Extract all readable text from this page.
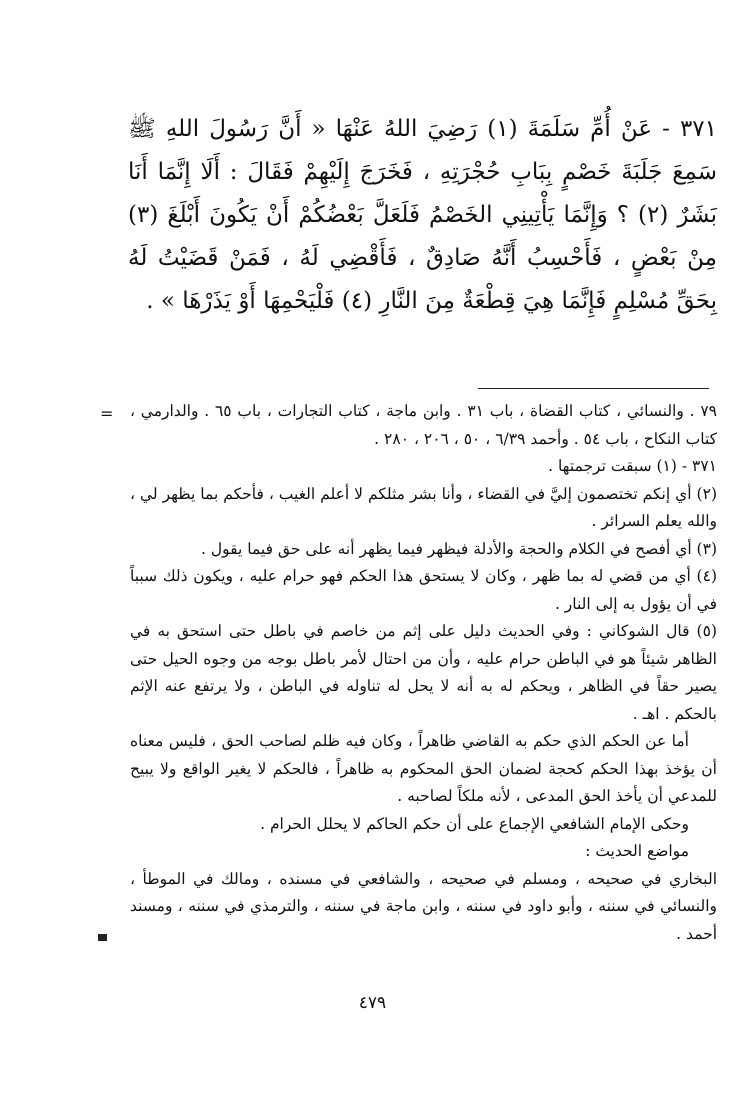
٣٧١ - عَنْ أُمِّ سَلَمَةَ (١) رَضِيَ اللهُ عَنْهَا « أَنَّ رَسُولَ اللهِ ﷺ سَمِعَ جَلَبَةَ خَصْمٍ بِبَابِ حُجْرَتِهِ ، فَخَرَجَ إِلَيْهِمْ فَقَالَ : أَلَا إِنَّمَا أَنَا بَشَرٌ (٢) ؟ وَإِنَّمَا يَأْتِينِي الخَصْمُ فَلَعَلَّ بَعْضُكُمْ أَنْ يَكُونَ أَبْلَغَ (٣) مِنْ بَعْضٍ ، فَأَحْسِبُ أَنَّهُ صَادِقٌ ، فَأَقْضِي لَهُ ، فَمَنْ قَضَيْتُ لَهُ بِحَقِّ مُسْلِمٍ فَإِنَّمَا هِيَ قِطْعَةٌ مِنَ النَّارِ (٤) فَلْيَحْمِهَا أَوْ يَذَرْهَا » .

= ٧٩ . والنسائي ، كتاب القضاة ، باب ٣١ . وابن ماجة ، كتاب التجارات ، باب ٦٥ . والدارمي ، كتاب النكاح ، باب ٥٤ . وأحمد ٦/٣٩ ، ٥٠ ، ٢٠٦ ، ٢٨٠ .

٣٧١ - (١) سبقت ترجمتها .

(٢) أي إنكم تختصمون إليَّ في القضاء ، وأنا بشر مثلكم لا أعلم الغيب ، فأحكم بما يظهر لي ، والله يعلم السرائر .

(٣) أي أفصح في الكلام والحجة والأدلة فيظهر فيما يظهر أنه على حق فيما يقول .

(٤) أي من قضي له بما ظهر ، وكان لا يستحق هذا الحكم فهو حرام عليه ، ويكون ذلك سبباً في أن يؤول به إلى النار .

(٥) قال الشوكاني : وفي الحديث دليل على إثم من خاصم في باطل حتى استحق به في الظاهر شيئاً هو في الباطن حرام عليه ، وأن من احتال لأمر باطل بوجه من وجوه الحيل حتى يصير حقاً في الظاهر ، ويحكم له به أنه لا يحل له تناوله في الباطن ، ولا يرتفع عنه الإثم بالحكم . اهـ .

أما عن الحكم الذي حكم به القاضي ظاهراً ، وكان فيه ظلم لصاحب الحق ، فليس معناه أن يؤخذ بهذا الحكم كحجة لضمان الحق المحكوم به ظاهراً ، فالحكم لا يغير الواقع ولا يبيح للمدعي أن يأخذ الحق المدعى ، لأنه ملكاً لصاحبه .

وحكى الإمام الشافعي الإجماع على أن حكم الحاكم لا يحلل الحرام .

مواضع الحديث :

البخاري في صحيحه ، ومسلم في صحيحه ، والشافعي في مسنده ، ومالك في الموطأ ، والنسائي في سننه ، وأبو داود في سننه ، وابن ماجة في سننه ، والترمذي في سننه ، ومسند أحمد .

٤٧٩
